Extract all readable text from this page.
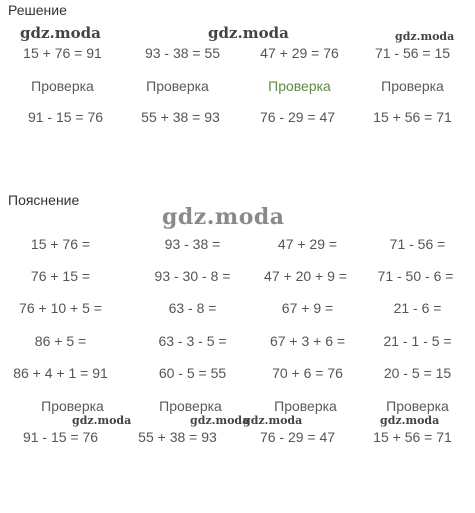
Решение
15 + 76 = 91	93 - 38 = 55	47 + 29 = 76	71 - 56 = 15
Проверка	Проверка	Проверка	Проверка
91 - 15 = 76	55 + 38 = 93	76 - 29 = 47	15 + 56 = 71
Пояснение
15 + 76 =	93 - 38 =	47 + 29 =	71 - 56 =
76 + 15 =	93 - 30 - 8 =	47 + 20 + 9 =	71 - 50 - 6 =
76 + 10 + 5 =	63 - 8 =	67 + 9 =	21 - 6 =
86 + 5 =	63 - 3 - 5 =	67 + 3 + 6 =	21 - 1 - 5 =
86 + 4 + 1 = 91	60 - 5 = 55	70 + 6 = 76	20 - 5 = 15
Проверка	Проверка	Проверка	Проверка
91 - 15 = 76	55 + 38 = 93	76 - 29 = 47	15 + 56 = 71
gdz.moda	gdz.moda	gdz.moda
gdz.moda
gdz.moda	gdz.moda
gdz.moda	gdz.moda
